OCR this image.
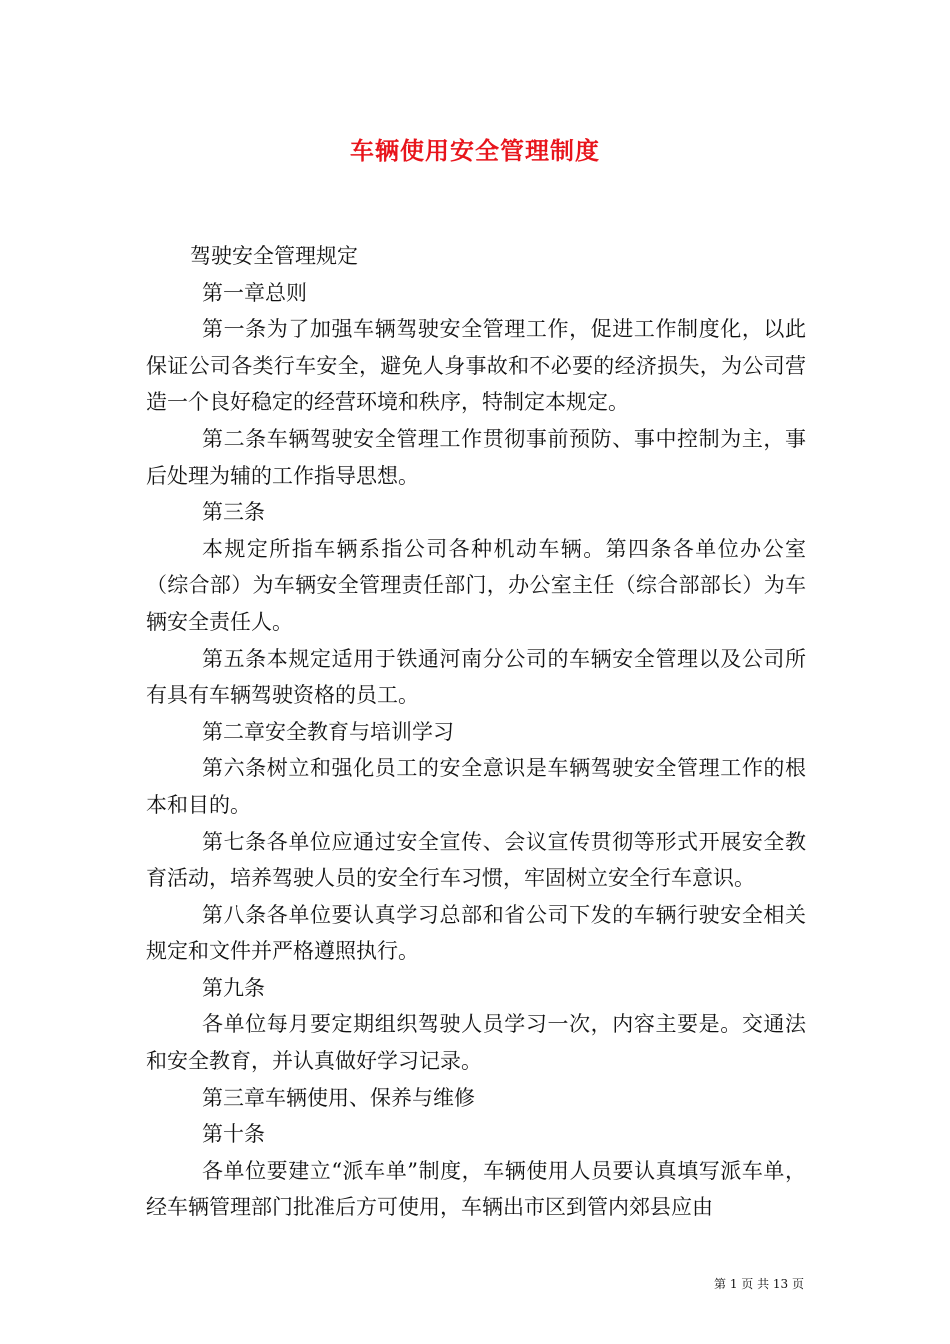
车辆使用安全管理制度

驾驶安全管理规定

第一章总则

第一条为了加强车辆驾驶安全管理工作，促进工作制度化，以此保证公司各类行车安全，避免人身事故和不必要的经济损失，为公司营造一个良好稳定的经营环境和秩序，特制定本规定。

第二条车辆驾驶安全管理工作贯彻事前预防、事中控制为主，事后处理为辅的工作指导思想。

第三条

本规定所指车辆系指公司各种机动车辆。第四条各单位办公室（综合部）为车辆安全管理责任部门，办公室主任（综合部部长）为车辆安全责任人。

第五条本规定适用于铁通河南分公司的车辆安全管理以及公司所有具有车辆驾驶资格的员工。

第二章安全教育与培训学习

第六条树立和强化员工的安全意识是车辆驾驶安全管理工作的根本和目的。

第七条各单位应通过安全宣传、会议宣传贯彻等形式开展安全教育活动，培养驾驶人员的安全行车习惯，牢固树立安全行车意识。

第八条各单位要认真学习总部和省公司下发的车辆行驶安全相关规定和文件并严格遵照执行。

第九条

各单位每月要定期组织驾驶人员学习一次，内容主要是。交通法和安全教育，并认真做好学习记录。

第三章车辆使用、保养与维修

第十条

各单位要建立“派车单”制度，车辆使用人员要认真填写派车单，经车辆管理部门批准后方可使用，车辆出市区到管内郊县应由

第 1 页 共 13 页
